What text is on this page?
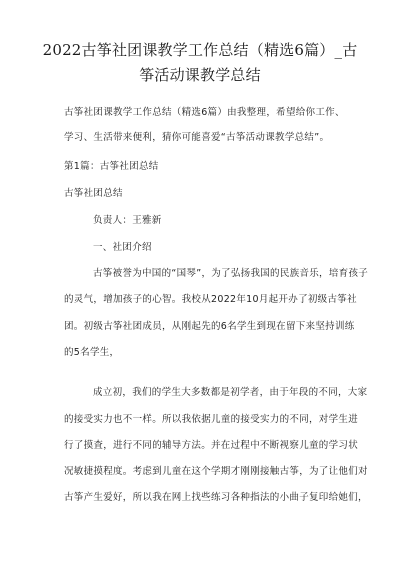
2022古筝社团课教学工作总结（精选6篇）_古
筝活动课教学总结
古筝社团课教学工作总结（精选6篇）由我整理，希望给你工作、
学习、生活带来便利，猜你可能喜爱“古筝活动课教学总结”。
第1篇：古筝社团总结
古筝社团总结
负责人：王雅新
一、社团介绍
古筝被誉为中国的“国琴”，为了弘扬我国的民族音乐，培育孩子
的灵气，增加孩子的心智。我校从2022年10月起开办了初级古筝社
团。初级古筝社团成员，从刚起先的6名学生到现在留下来坚持训练
的5名学生，
成立初，我们的学生大多数都是初学者，由于年段的不同，大家
的接受实力也不一样。所以我依据儿童的接受实力的不同，对学生进
行了摸査，进行不同的辅导方法。并在过程中不断视察儿童的学习状
况敏捷摸程度。考虑到儿童在这个学期才刚刚接触古筝，为了让他们对
古筝产生爱好，所以我在网上找些练习各种指法的小曲子复印给她们，
